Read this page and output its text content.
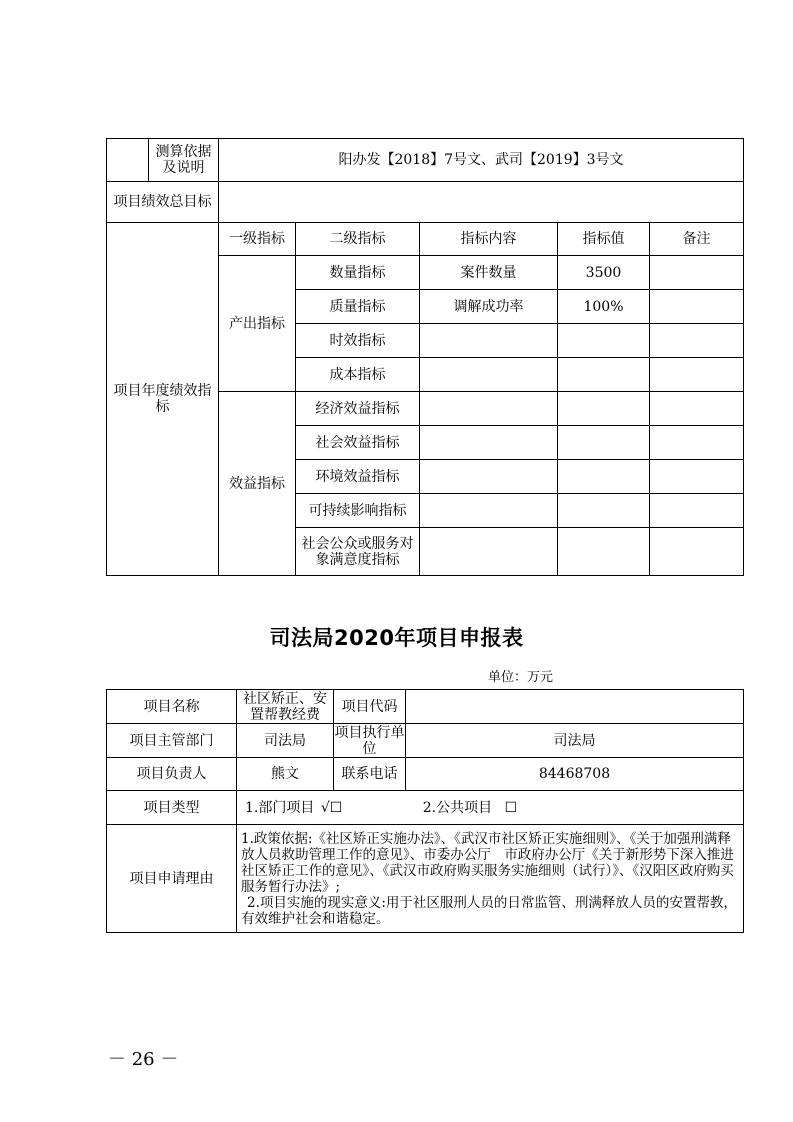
	测算依据及说明	阳办发【2018】7号文、武司【2019】3号文				
项目绩效总目标						
项目年度绩效指标		一级指标	二级指标	指标内容	指标值	备注
		产出指标	数量指标	案件数量	3500	
			质量指标	调解成功率	100%	
			时效指标			
			成本指标			
		效益指标	经济效益指标			
			社会效益指标			
			环境效益指标			
			可持续影响指标			
			社会公众或服务对象满意度指标			
司法局2020年项目申报表
单位：万元
项目名称	社区矫正、安置帮教经费	项目代码	
项目主管部门	司法局	项目执行单位	司法局
项目负责人	熊文	联系电话	84468708
项目类型	1.部门项目 √☐ 2.公共项目 ☐		
项目申请理由	1.政策依据:《社区矫正实施办法》、《武汉市社区矫正实施细则》、《关于加强刑满释放人员救助管理工作的意见》、市委办公厅　市政府办公厅《关于新形势下深入推进社区矫正工作的意见》、《武汉市政府购买服务实施细则（试行）》、《汉阳区政府购买服务暂行办法》;
2.项目实施的现实意义:用于社区服刑人员的日常监管、刑满释放人员的安置帮教，有效维护社会和谐稳定。		
－ 26 －
